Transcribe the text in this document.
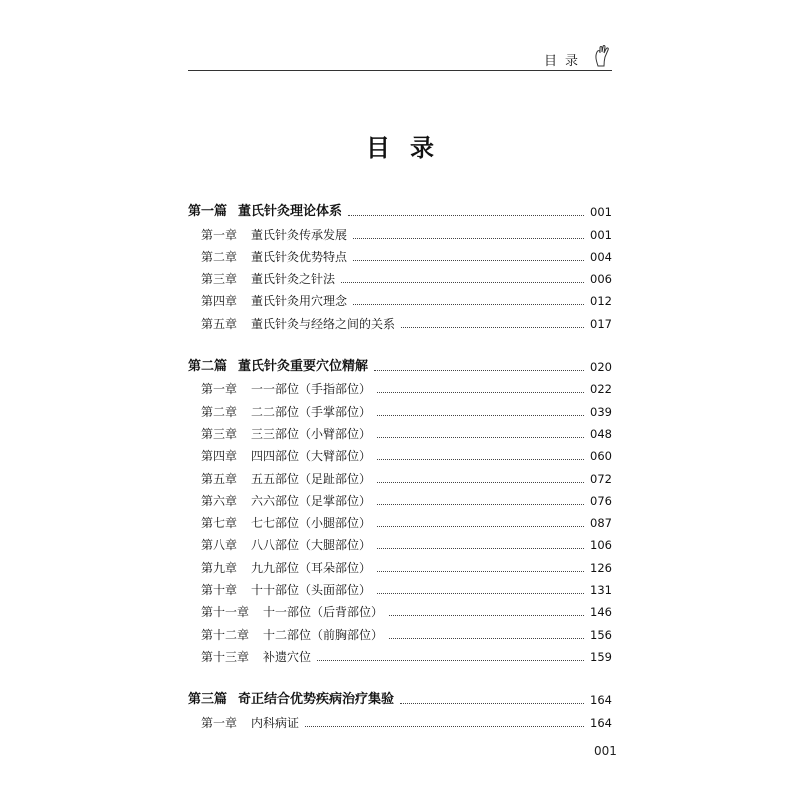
目录
目录
第一篇 董氏针灸理论体系	001
第一章 董氏针灸传承发展	001
第二章 董氏针灸优势特点	004
第三章 董氏针灸之针法	006
第四章 董氏针灸用穴理念	012
第五章 董氏针灸与经络之间的关系	017
第二篇 董氏针灸重要穴位精解	020
第一章 一一部位（手指部位）	022
第二章 二二部位（手掌部位）	039
第三章 三三部位（小臂部位）	048
第四章 四四部位（大臂部位）	060
第五章 五五部位（足趾部位）	072
第六章 六六部位（足掌部位）	076
第七章 七七部位（小腿部位）	087
第八章 八八部位（大腿部位）	106
第九章 九九部位（耳朵部位）	126
第十章 十十部位（头面部位）	131
第十一章 十一部位（后背部位）	146
第十二章 十二部位（前胸部位）	156
第十三章 补遗穴位	159
第三篇 奇正结合优势疾病治疗集验	164
第一章 内科病证	164
001
